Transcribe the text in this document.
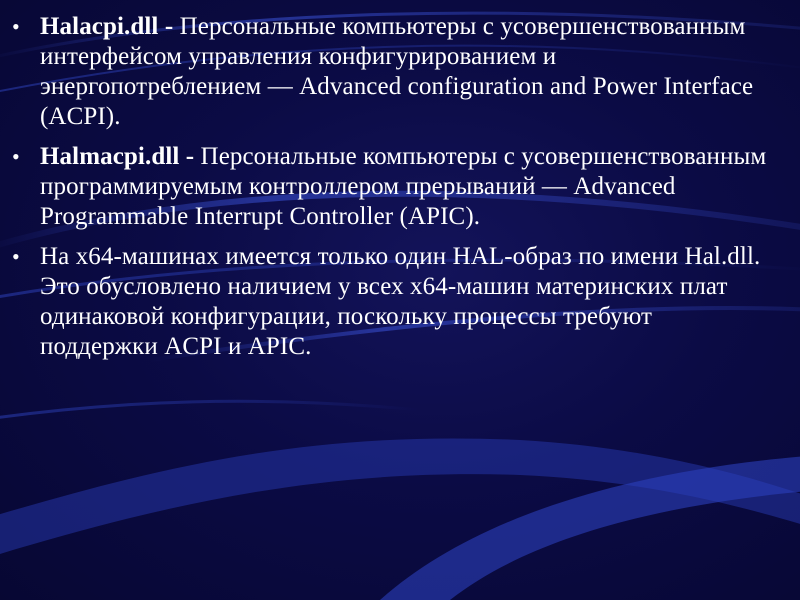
• Halacpi.dll - Персональные компьютеры с усовершенствованным интерфейсом управления конфигурированием и энергопотреблением — Advanced configuration and Power Interface (ACPI).
• Halmacpi.dll - Персональные компьютеры с усовершенствованным программируемым контроллером прерываний — Advanced Programmable Interrupt Controller (APIC).
• На x64-машинах имеется только один HAL-образ по имени Hal.dll. Это обусловлено наличием у всех x64-машин материнских плат одинаковой конфигурации, поскольку процессы требуют поддержки ACPI и APIC.
